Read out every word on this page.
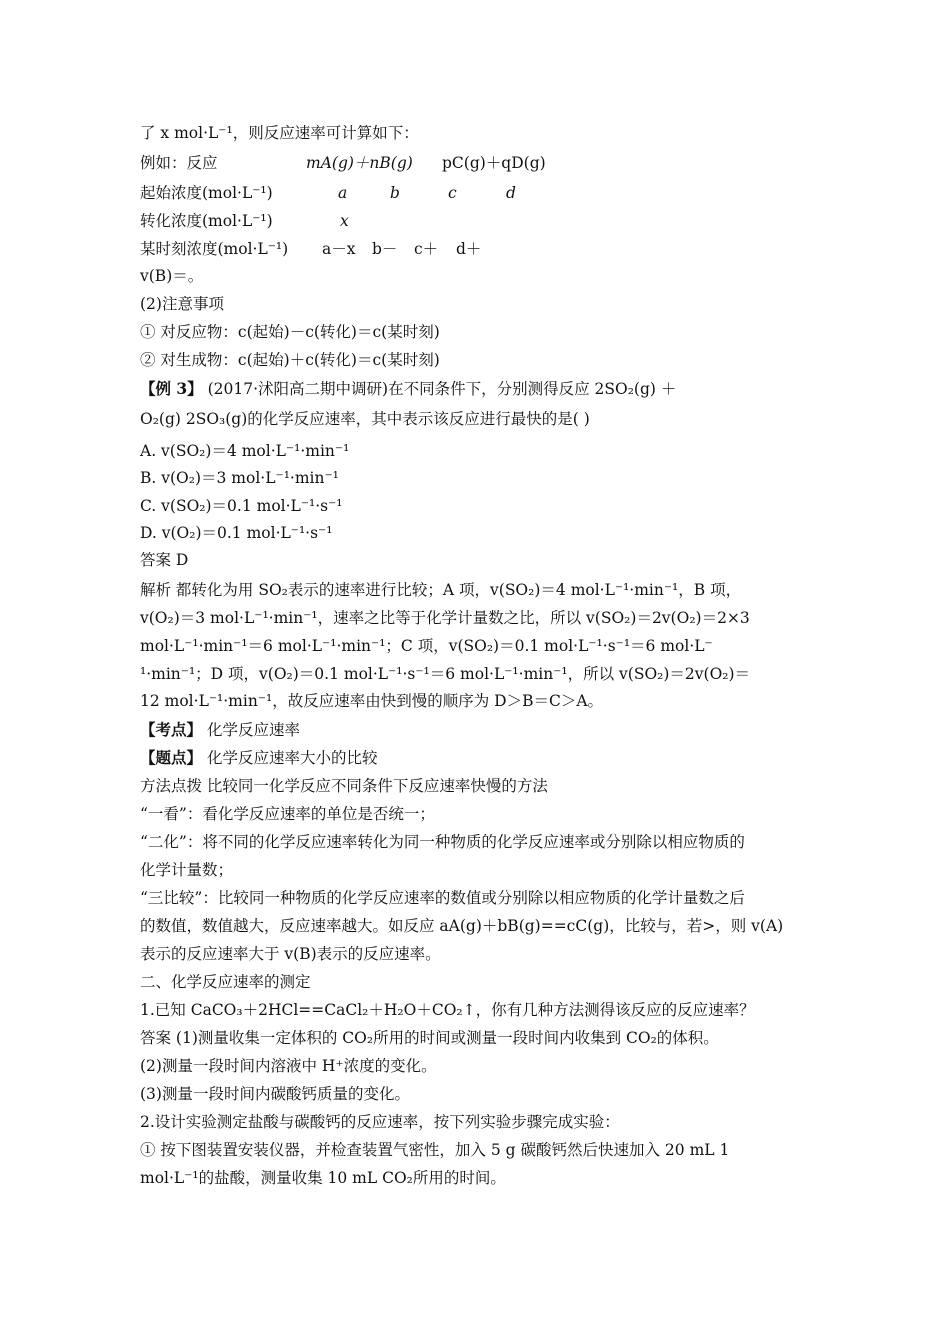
了 x mol·L⁻¹，则反应速率可计算如下：
例如：反应	mA(g)＋nB(g) pC(g)＋qD(g)
起始浓度(mol·L⁻¹)	a	b	c	d
转化浓度(mol·L⁻¹)	x
某时刻浓度(mol·L⁻¹) a－x b－ c＋ d＋
v(B)＝。
(2)注意事项
① 对反应物：c(起始)－c(转化)＝c(某时刻)
② 对生成物：c(起始)＋c(转化)＝c(某时刻)
【例 3】 (2017·沭阳高二期中调研)在不同条件下，分别测得反应 2SO₂(g) ＋
O₂(g) 2SO₃(g)的化学反应速率，其中表示该反应进行最快的是( )
A. v(SO₂)＝4 mol·L⁻¹·min⁻¹
B. v(O₂)＝3 mol·L⁻¹·min⁻¹
C. v(SO₂)＝0.1 mol·L⁻¹·s⁻¹
D. v(O₂)＝0.1 mol·L⁻¹·s⁻¹
答案 D
解析 都转化为用 SO₂表示的速率进行比较；A 项，v(SO₂)＝4 mol·L⁻¹·min⁻¹，B 项，
v(O₂)＝3 mol·L⁻¹·min⁻¹，速率之比等于化学计量数之比，所以 v(SO₂)＝2v(O₂)＝2×3
mol·L⁻¹·min⁻¹＝6 mol·L⁻¹·min⁻¹；C 项，v(SO₂)＝0.1 mol·L⁻¹·s⁻¹＝6 mol·L⁻
¹·min⁻¹；D 项，v(O₂)＝0.1 mol·L⁻¹·s⁻¹＝6 mol·L⁻¹·min⁻¹，所以 v(SO₂)＝2v(O₂)＝
12 mol·L⁻¹·min⁻¹，故反应速率由快到慢的顺序为 D＞B＝C＞A。
【考点】 化学反应速率
【题点】 化学反应速率大小的比较
方法点拨 比较同一化学反应不同条件下反应速率快慢的方法
“一看”：看化学反应速率的单位是否统一；
“二化”：将不同的化学反应速率转化为同一种物质的化学反应速率或分别除以相应物质的
化学计量数；
“三比较”：比较同一种物质的化学反应速率的数值或分别除以相应物质的化学计量数之后
的数值，数值越大，反应速率越大。如反应 aA(g)＋bB(g)==cC(g)，比较与，若>，则 v(A)
表示的反应速率大于 v(B)表示的反应速率。
二、化学反应速率的测定
1.已知 CaCO₃＋2HCl==CaCl₂＋H₂O＋CO₂↑，你有几种方法测得该反应的反应速率？
答案 (1)测量收集一定体积的 CO₂所用的时间或测量一段时间内收集到 CO₂的体积。
(2)测量一段时间内溶液中 H⁺浓度的变化。
(3)测量一段时间内碳酸钙质量的变化。
2.设计实验测定盐酸与碳酸钙的反应速率，按下列实验步骤完成实验：
① 按下图装置安装仪器，并检查装置气密性，加入 5 g 碳酸钙然后快速加入 20 mL 1
mol·L⁻¹的盐酸，测量收集 10 mL CO₂所用的时间。
